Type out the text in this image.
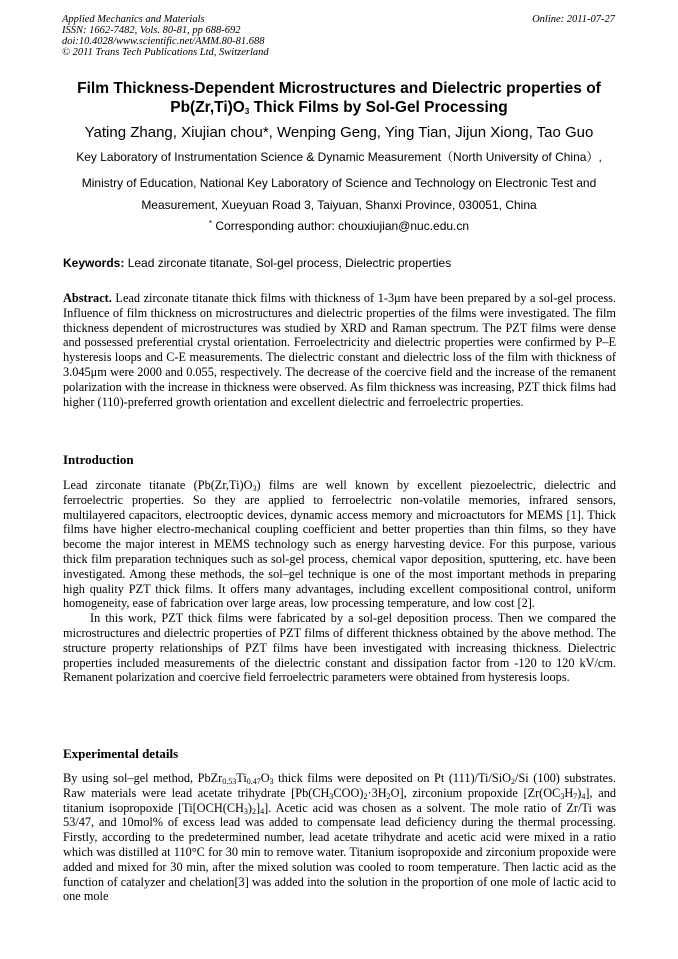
Applied Mechanics and Materials
ISSN: 1662-7482, Vols. 80-81, pp 688-692
doi:10.4028/www.scientific.net/AMM.80-81.688
© 2011 Trans Tech Publications Ltd, Switzerland
Online: 2011-07-27
Film Thickness-Dependent Microstructures and Dielectric properties of
$Pb(Zr,Ti)O_3$ Thick Films by Sol-Gel Processing
Yating Zhang, Xiujian chou*, Wenping Geng, Ying Tian, Jijun Xiong, Tao Guo
Key Laboratory of Instrumentation Science & Dynamic Measurement（North University of China）,
Ministry of Education, National Key Laboratory of Science and Technology on Electronic Test and
Measurement, Xueyuan Road 3, Taiyuan, Shanxi Province, 030051, China
* Corresponding author: chouxiujian@nuc.edu.cn
Keywords: Lead zirconate titanate, Sol-gel process, Dielectric properties

Abstract. Lead zirconate titanate thick films with thickness of 1-3μm have been prepared by a sol-gel process. Influence of film thickness on microstructures and dielectric properties of the films were investigated. The film thickness dependent of microstructures was studied by XRD and Raman spectrum. The PZT films were dense and possessed preferential crystal orientation. Ferroelectricity and dielectric properties were confirmed by P–E hysteresis loops and C-E measurements. The dielectric constant and dielectric loss of the film with thickness of 3.045μm were 2000 and 0.055, respectively. The decrease of the coercive field and the increase of the remanent polarization with the increase in thickness were observed. As film thickness was increasing, PZT thick films had higher (110)-preferred growth orientation and excellent dielectric and ferroelectric properties.

Introduction

Lead zirconate titanate $(Pb(Zr,Ti)O_3)$ films are well known by excellent piezoelectric, dielectric and ferroelectric properties. So they are applied to ferroelectric non-volatile memories, infrared sensors, multilayered capacitors, electrooptic devices, dynamic access memory and microactutors for MEMS [1]. Thick films have higher electro-mechanical coupling coefficient and better properties than thin films, so they have become the major interest in MEMS technology such as energy harvesting device. For this purpose, various thick film preparation techniques such as sol-gel process, chemical vapor deposition, sputtering, etc. have been investigated. Among these methods, the sol–gel technique is one of the most important methods in preparing high quality PZT thick films. It offers many advantages, including excellent compositional control, uniform homogeneity, ease of fabrication over large areas, low processing temperature, and low cost [2].

In this work, PZT thick films were fabricated by a sol-gel deposition process. Then we compared the microstructures and dielectric properties of PZT films of different thickness obtained by the above method. The structure property relationships of PZT films have been investigated with increasing thickness. Dielectric properties included measurements of the dielectric constant and dissipation factor from -120 to 120 kV/cm. Remanent polarization and coercive field ferroelectric parameters were obtained from hysteresis loops.

Experimental details

By using sol–gel method, $PbZr_{0.53}Ti_{0.47}O_3$ thick films were deposited on Pt (111)/Ti/SiO$_2$/Si (100) substrates. Raw materials were lead acetate trihydrate $[Pb(CH_3COO)_2\cdot 3H_2O]$, zirconium propoxide $[Zr(OC_3H_7)_4]$, and titanium isopropoxide $[Ti[OCH(CH_3)_2]_4]$. Acetic acid was chosen as a solvent. The mole ratio of Zr/Ti was 53/47, and 10mol% of excess lead was added to compensate lead deficiency during the thermal processing. Firstly, according to the predetermined number, lead acetate trihydrate and acetic acid were mixed in a ratio which was distilled at 110°C for 30 min to remove water. Titanium isopropoxide and zirconium propoxide were added and mixed for 30 min, after the mixed solution was cooled to room temperature. Then lactic acid as the function of catalyzer and chelation[3] was added into the solution in the proportion of one mole of lactic acid to one mole
